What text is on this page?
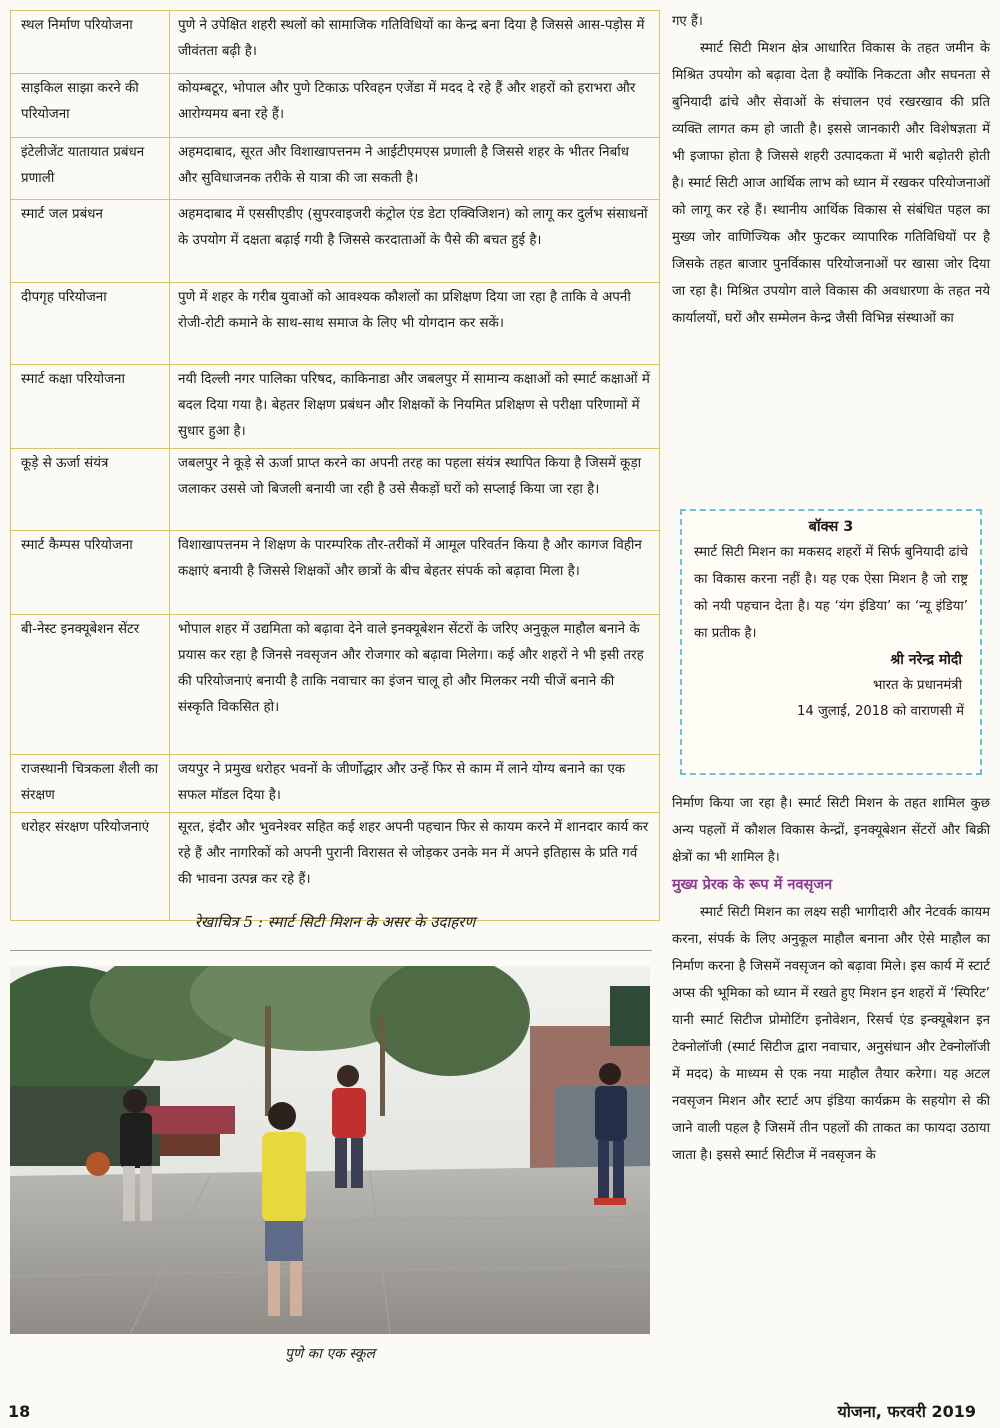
स्थल निर्माण परियोजना	पुणे ने उपेक्षित शहरी स्थलों को सामाजिक गतिविधियों का केन्द्र बना दिया है जिससे आस-पड़ोस में जीवंतता बढ़ी है।
साइकिल साझा करने की परियोजना	कोयम्बटूर, भोपाल और पुणे टिकाऊ परिवहन एजेंडा में मदद दे रहे हैं और शहरों को हराभरा और आरोग्यमय बना रहे हैं।
इंटेलीजेंट यातायात प्रबंधन प्रणाली	अहमदाबाद, सूरत और विशाखापत्तनम ने आईटीएमएस प्रणाली है जिससे शहर के भीतर निर्बाध और सुविधाजनक तरीके से यात्रा की जा सकती है।
स्मार्ट जल प्रबंधन	अहमदाबाद में एससीएडीए (सुपरवाइजरी कंट्रोल एंड डेटा एक्विजिशन) को लागू कर दुर्लभ संसाधनों के उपयोग में दक्षता बढ़ाई गयी है जिससे करदाताओं के पैसे की बचत हुई है।
दीपगृह परियोजना	पुणे में शहर के गरीब युवाओं को आवश्यक कौशलों का प्रशिक्षण दिया जा रहा है ताकि वे अपनी रोजी-रोटी कमाने के साथ-साथ समाज के लिए भी योगदान कर सकें।
स्मार्ट कक्षा परियोजना	नयी दिल्ली नगर पालिका परिषद, काकिनाडा और जबलपुर में सामान्य कक्षाओं को स्मार्ट कक्षाओं में बदल दिया गया है। बेहतर शिक्षण प्रबंधन और शिक्षकों के नियमित प्रशिक्षण से परीक्षा परिणामों में सुधार हुआ है।
कूड़े से ऊर्जा संयंत्र	जबलपुर ने कूड़े से ऊर्जा प्राप्त करने का अपनी तरह का पहला संयंत्र स्थापित किया है जिसमें कूड़ा जलाकर उससे जो बिजली बनायी जा रही है उसे सैकड़ों घरों को सप्लाई किया जा रहा है।
स्मार्ट कैम्पस परियोजना	विशाखापत्तनम ने शिक्षण के पारम्परिक तौर-तरीकों में आमूल परिवर्तन किया है और कागज विहीन कक्षाएं बनायी है जिससे शिक्षकों और छात्रों के बीच बेहतर संपर्क को बढ़ावा मिला है।
बी-नेस्ट इनक्यूबेशन सेंटर	भोपाल शहर में उद्यमिता को बढ़ावा देने वाले इनक्यूबेशन सेंटरों के जरिए अनुकूल माहौल बनाने के प्रयास कर रहा है जिनसे नवसृजन और रोजगार को बढ़ावा मिलेगा। कई और शहरों ने भी इसी तरह की परियोजनाएं बनायी है ताकि नवाचार का इंजन चालू हो और मिलकर नयी चीजें बनाने की संस्कृति विकसित हो।
राजस्थानी चित्रकला शैली का संरक्षण	जयपुर ने प्रमुख धरोहर भवनों के जीर्णोद्धार और उन्हें फिर से काम में लाने योग्य बनाने का एक सफल मॉडल दिया है।
धरोहर संरक्षण परियोजनाएं	सूरत, इंदौर और भुवनेश्वर सहित कई शहर अपनी पहचान फिर से कायम करने में शानदार कार्य कर रहे हैं और नागरिकों को अपनी पुरानी विरासत से जोड़कर उनके मन में अपने इतिहास के प्रति गर्व की भावना उत्पन्न कर रहे हैं।
रेखाचित्र 5 : स्मार्ट सिटी मिशन के असर के उदाहरण
पुणे का एक स्कूल

गए हैं।

स्मार्ट सिटी मिशन क्षेत्र आधारित विकास के तहत जमीन के मिश्रित उपयोग को बढ़ावा देता है क्योंकि निकटता और सघनता से बुनियादी ढांचे और सेवाओं के संचालन एवं रखरखाव की प्रति व्यक्ति लागत कम हो जाती है। इससे जानकारी और विशेषज्ञता में भी इजाफा होता है जिससे शहरी उत्पादकता में भारी बढ़ोतरी होती है। स्मार्ट सिटी आज आर्थिक लाभ को ध्यान में रखकर परियोजनाओं को लागू कर रहे हैं। स्थानीय आर्थिक विकास से संबंधित पहल का मुख्य जोर वाणिज्यिक और फुटकर व्यापारिक गतिविधियों पर है जिसके तहत बाजार पुनर्विकास परियोजनाओं पर खासा जोर दिया जा रहा है। मिश्रित उपयोग वाले विकास की अवधारणा के तहत नये कार्यालयों, घरों और सम्मेलन केन्द्र जैसी विभिन्न संस्थाओं का

बॉक्स 3

स्मार्ट सिटी मिशन का मकसद शहरों में सिर्फ बुनियादी ढांचे का विकास करना नहीं है। यह एक ऐसा मिशन है जो राष्ट्र को नयी पहचान देता है। यह ‘यंग इंडिया’ का ‘न्यू इंडिया’ का प्रतीक है।

श्री नरेन्द्र मोदी
भारत के प्रधानमंत्री
14 जुलाई, 2018 को वाराणसी में

निर्माण किया जा रहा है। स्मार्ट सिटी मिशन के तहत शामिल कुछ अन्य पहलों में कौशल विकास केन्द्रों, इनक्यूबेशन सेंटरों और बिक्री क्षेत्रों का भी शामिल है।

मुख्य प्रेरक के रूप में नवसृजन

स्मार्ट सिटी मिशन का लक्ष्य सही भागीदारी और नेटवर्क कायम करना, संपर्क के लिए अनुकूल माहौल बनाना और ऐसे माहौल का निर्माण करना है जिसमें नवसृजन को बढ़ावा मिले। इस कार्य में स्टार्ट अप्स की भूमिका को ध्यान में रखते हुए मिशन इन शहरों में ‘स्पिरिट’ यानी स्मार्ट सिटीज प्रोमोटिंग इनोवेशन, रिसर्च एंड इन्क्यूबेशन इन टेक्नोलॉजी (स्मार्ट सिटीज द्वारा नवाचार, अनुसंधान और टेक्नोलॉजी में मदद) के माध्यम से एक नया माहौल तैयार करेगा। यह अटल नवसृजन मिशन और स्टार्ट अप इंडिया कार्यक्रम के सहयोग से की जाने वाली पहल है जिसमें तीन पहलों की ताकत का फायदा उठाया जाता है। इससे स्मार्ट सिटीज में नवसृजन के

18	योजना, फरवरी 2019
